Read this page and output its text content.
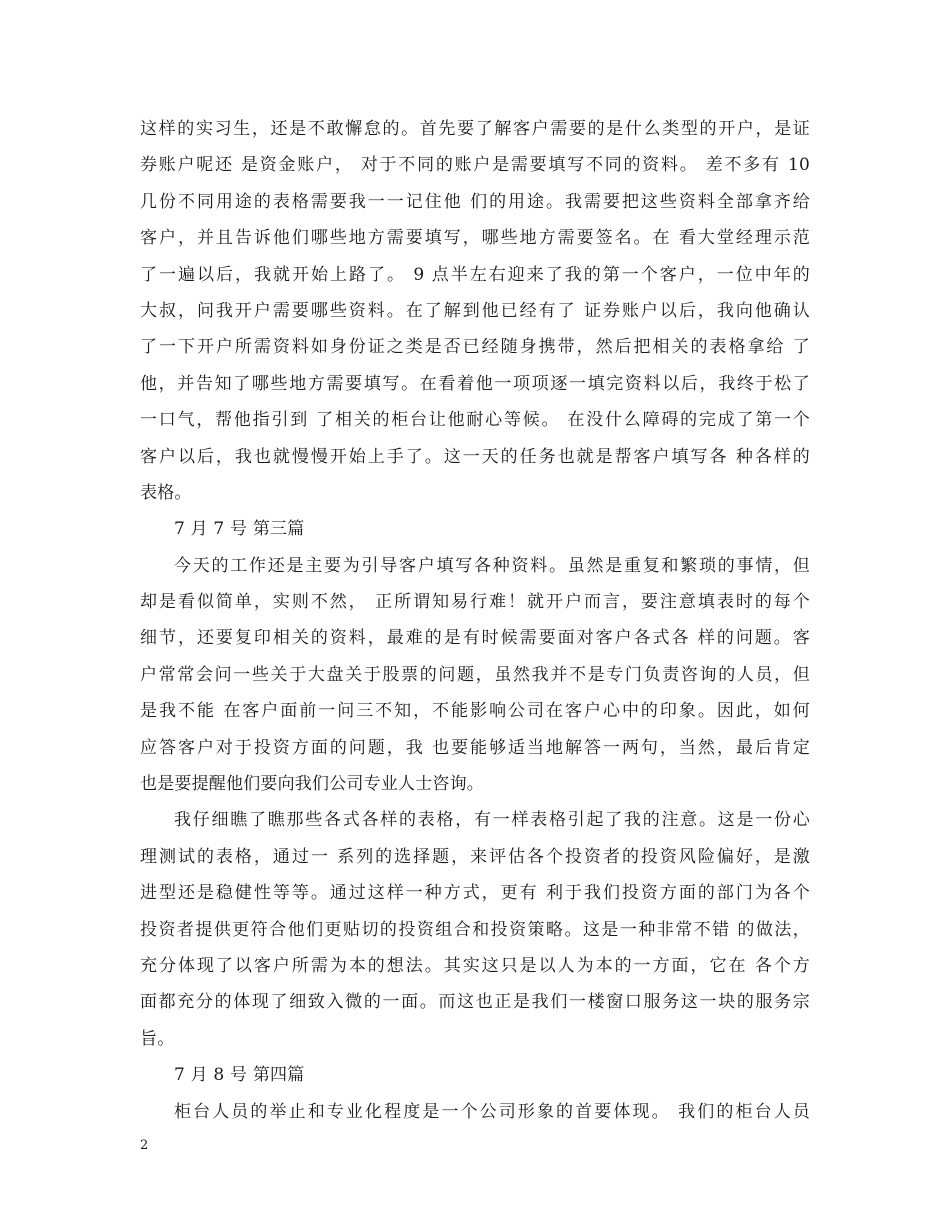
这样的实习生，还是不敢懈怠的。首先要了解客户需要的是什么类型的开户，是证
券账户呢还 是资金账户， 对于不同的账户是需要填写不同的资料。 差不多有 10
几份不同用途的表格需要我一一记住他 们的用途。我需要把这些资料全部拿齐给
客户，并且告诉他们哪些地方需要填写，哪些地方需要签名。在 看大堂经理示范
了一遍以后，我就开始上路了。 9 点半左右迎来了我的第一个客户，一位中年的
大叔，问我开户需要哪些资料。在了解到他已经有了 证券账户以后，我向他确认
了一下开户所需资料如身份证之类是否已经随身携带，然后把相关的表格拿给 了
他，并告知了哪些地方需要填写。在看着他一项项逐一填完资料以后，我终于松了
一口气，帮他指引到 了相关的柜台让他耐心等候。 在没什么障碍的完成了第一个
客户以后，我也就慢慢开始上手了。这一天的任务也就是帮客户填写各 种各样的
表格。
7 月 7 号 第三篇
今天的工作还是主要为引导客户填写各种资料。虽然是重复和繁琐的事情，但
却是看似简单，实则不然， 正所谓知易行难！就开户而言，要注意填表时的每个
细节，还要复印相关的资料，最难的是有时候需要面对客户各式各 样的问题。客
户常常会问一些关于大盘关于股票的问题，虽然我并不是专门负责咨询的人员，但
是我不能 在客户面前一问三不知，不能影响公司在客户心中的印象。因此，如何
应答客户对于投资方面的问题，我 也要能够适当地解答一两句，当然，最后肯定
也是要提醒他们要向我们公司专业人士咨询。
我仔细瞧了瞧那些各式各样的表格，有一样表格引起了我的注意。这是一份心
理测试的表格，通过一 系列的选择题，来评估各个投资者的投资风险偏好，是激
进型还是稳健性等等。通过这样一种方式，更有 利于我们投资方面的部门为各个
投资者提供更符合他们更贴切的投资组合和投资策略。这是一种非常不错 的做法，
充分体现了以客户所需为本的想法。其实这只是以人为本的一方面，它在 各个方
面都充分的体现了细致入微的一面。而这也正是我们一楼窗口服务这一块的服务宗
旨。
7 月 8 号 第四篇
柜台人员的举止和专业化程度是一个公司形象的首要体现。 我们的柜台人员
2
